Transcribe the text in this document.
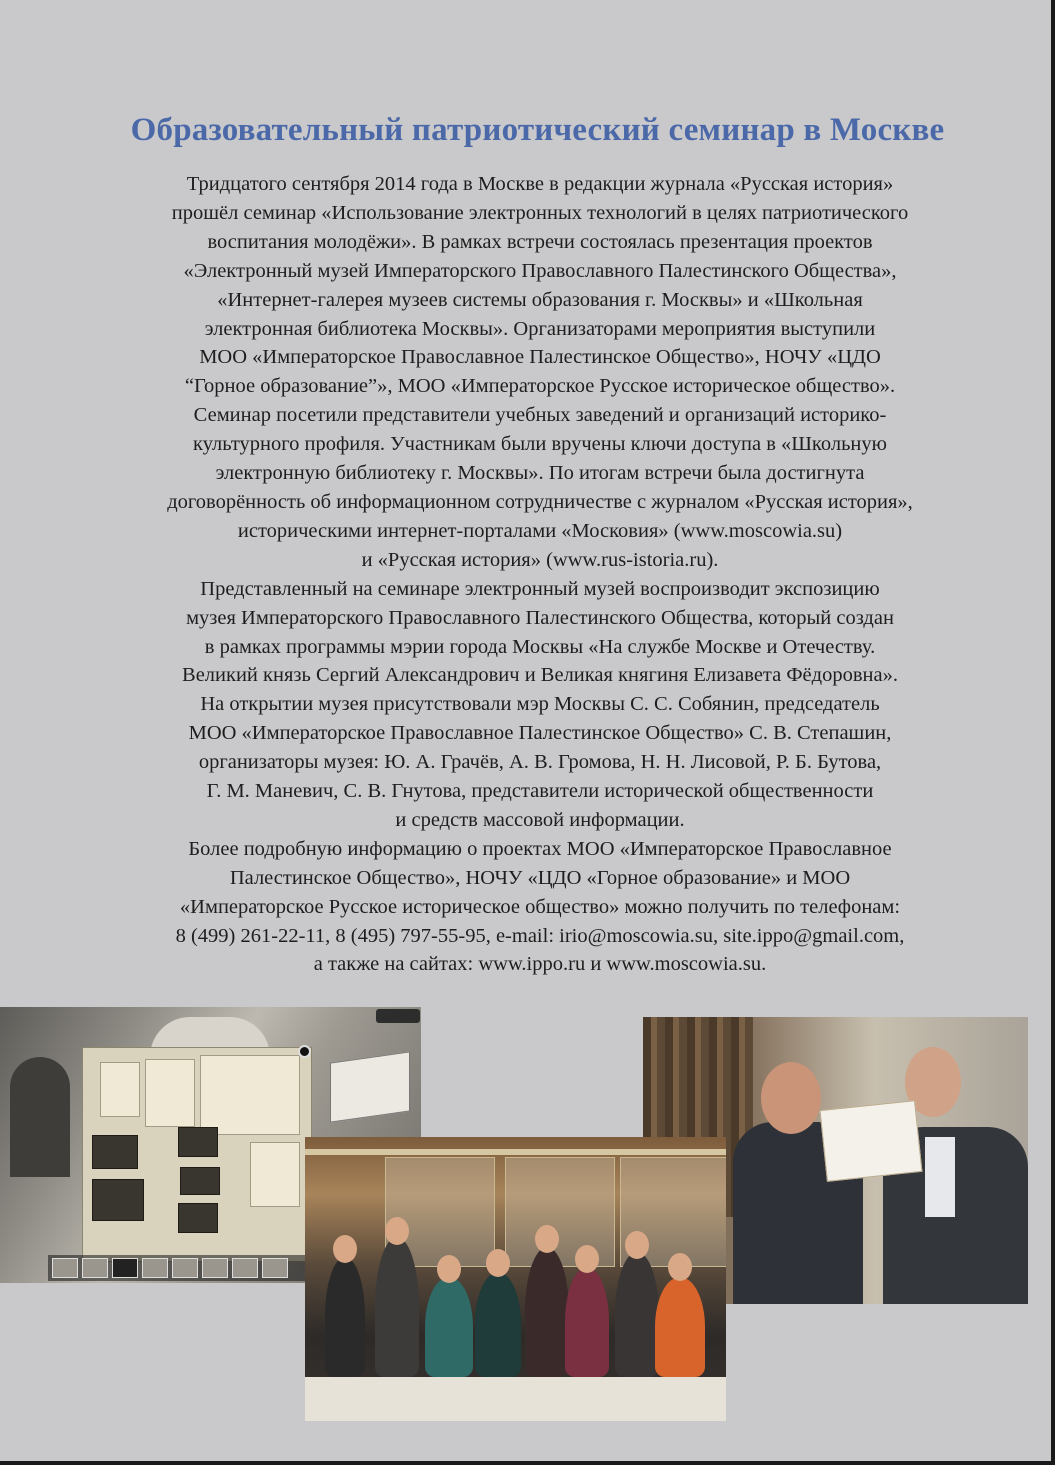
Образовательный патриотический семинар в Москве
Тридцатого сентября 2014 года в Москве в редакции журнала «Русская история»
прошёл семинар «Использование электронных технологий в целях патриотического
воспитания молодёжи». В рамках встречи состоялась презентация проектов
«Электронный музей Императорского Православного Палестинского Общества»,
«Интернет-галерея музеев системы образования г. Москвы» и «Школьная
электронная библиотека Москвы». Организаторами мероприятия выступили
МОО «Императорское Православное Палестинское Общество», НОЧУ «ЦДО
“Горное образование”», МОО «Императорское Русское историческое общество».
Семинар посетили представители учебных заведений и организаций историко-
культурного профиля. Участникам были вручены ключи доступа в «Школьную
электронную библиотеку г. Москвы». По итогам встречи была достигнута
договорённость об информационном сотрудничестве с журналом «Русская история»,
историческими интернет-порталами «Московия» (www.moscowia.su)
и «Русская история» (www.rus-istoria.ru).
Представленный на семинаре электронный музей воспроизводит экспозицию
музея Императорского Православного Палестинского Общества, который создан
в рамках программы мэрии города Москвы «На службе Москве и Отечеству.
Великий князь Сергий Александрович и Великая княгиня Елизавета Фёдоровна».
На открытии музея присутствовали мэр Москвы С. С. Собянин, председатель
МОО «Императорское Православное Палестинское Общество» С. В. Степашин,
организаторы музея: Ю. А. Грачёв, А. В. Громова, Н. Н. Лисовой, Р. Б. Бутова,
Г. М. Маневич, С. В. Гнутова, представители исторической общественности
и средств массовой информации.
Более подробную информацию о проектах МОО «Императорское Православное
Палестинское Общество», НОЧУ «ЦДО «Горное образование» и МОО
«Императорское Русское историческое общество» можно получить по телефонам:
8 (499) 261-22-11, 8 (495) 797-55-95, e-mail: irio@moscowia.su, site.ippo@gmail.com,
а также на сайтах: www.ippo.ru и www.moscowia.su.
